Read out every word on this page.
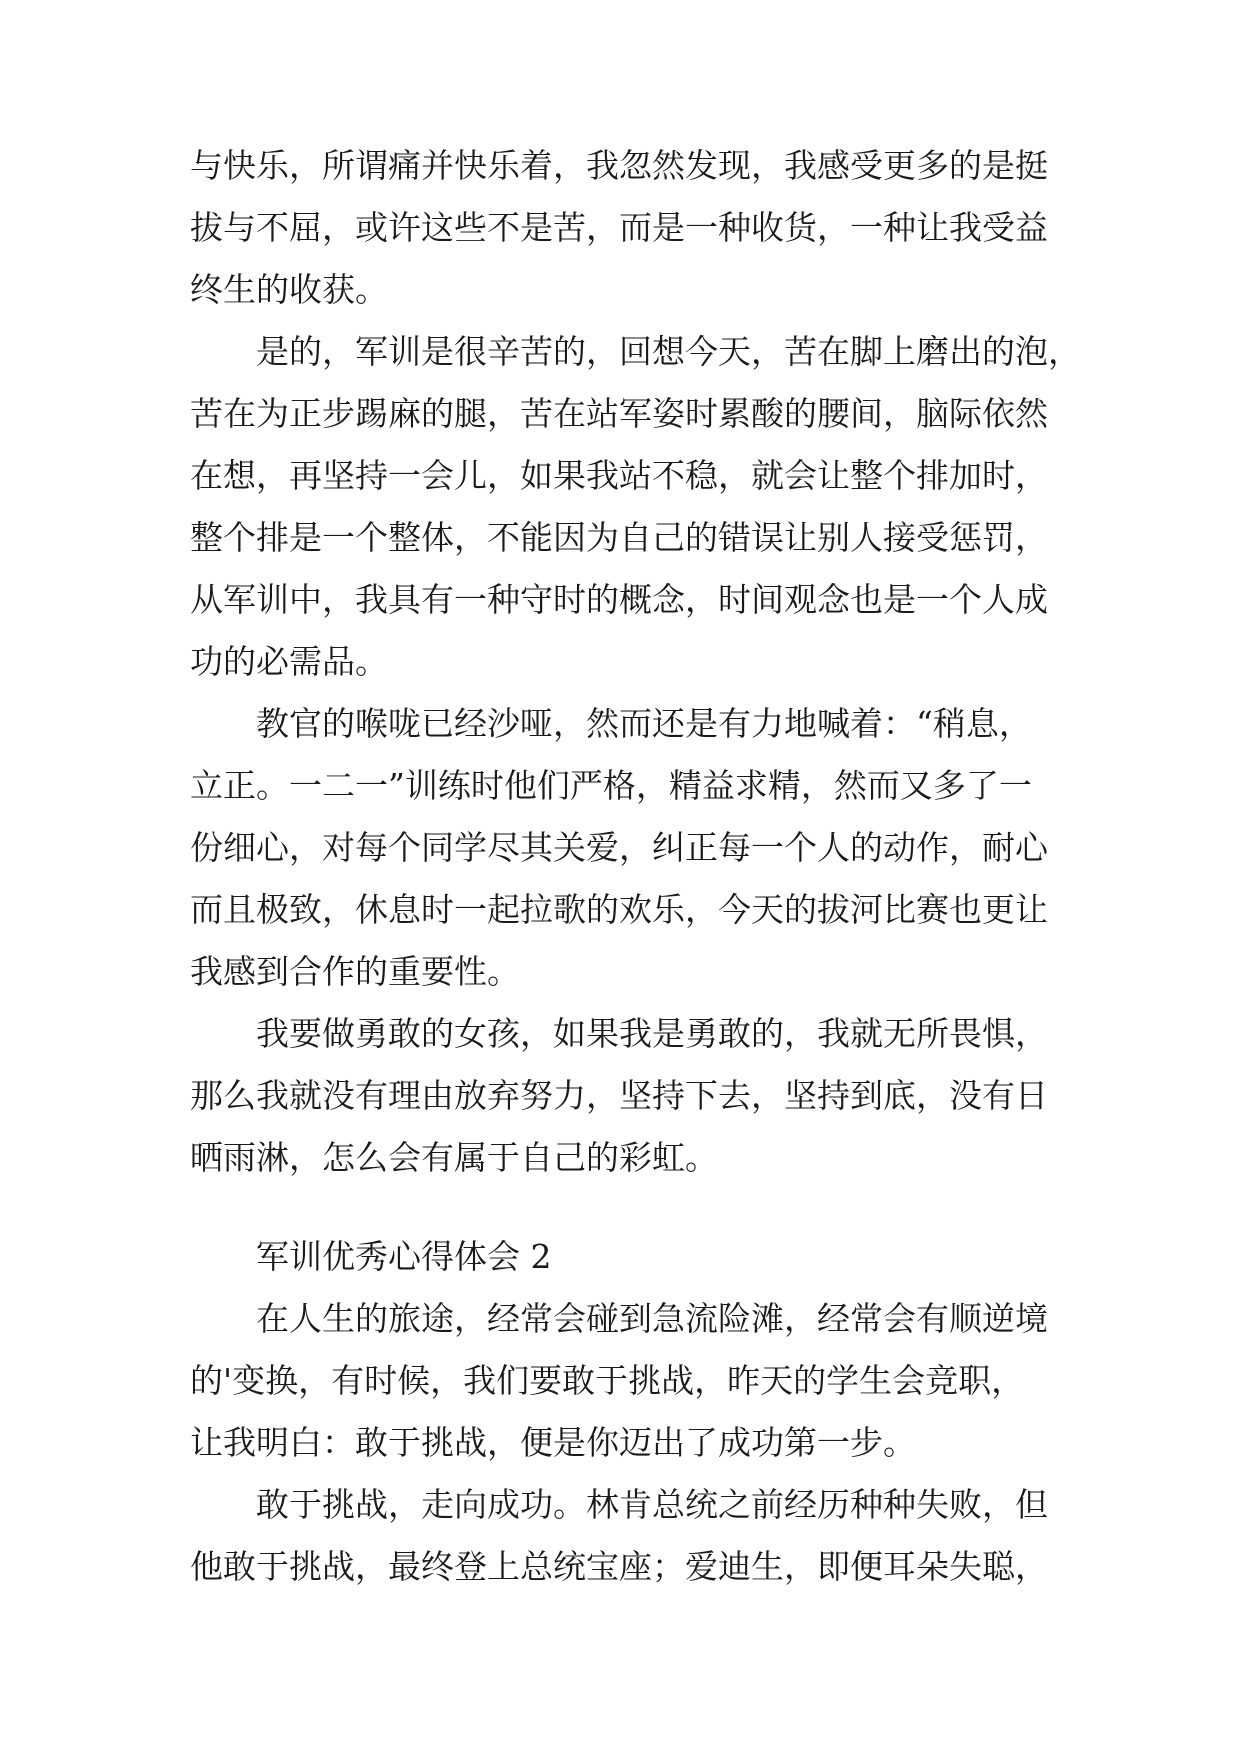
与快乐，所谓痛并快乐着，我忽然发现，我感受更多的是挺
拔与不屈，或许这些不是苦，而是一种收货，一种让我受益
终生的收获。
是的，军训是很辛苦的，回想今天，苦在脚上磨出的泡，
苦在为正步踢麻的腿，苦在站军姿时累酸的腰间，脑际依然
在想，再坚持一会儿，如果我站不稳，就会让整个排加时，
整个排是一个整体，不能因为自己的错误让别人接受惩罚，
从军训中，我具有一种守时的概念，时间观念也是一个人成
功的必需品。
教官的喉咙已经沙哑，然而还是有力地喊着：“稍息，
立正。一二一”训练时他们严格，精益求精，然而又多了一
份细心，对每个同学尽其关爱，纠正每一个人的动作，耐心
而且极致，休息时一起拉歌的欢乐，今天的拔河比赛也更让
我感到合作的重要性。
我要做勇敢的女孩，如果我是勇敢的，我就无所畏惧，
那么我就没有理由放弃努力，坚持下去，坚持到底，没有日
晒雨淋，怎么会有属于自己的彩虹。
军训优秀心得体会 2
在人生的旅途，经常会碰到急流险滩，经常会有顺逆境
的'变换，有时候，我们要敢于挑战，昨天的学生会竞职，
让我明白：敢于挑战，便是你迈出了成功第一步。
敢于挑战，走向成功。林肯总统之前经历种种失败，但
他敢于挑战，最终登上总统宝座；爱迪生，即便耳朵失聪，
